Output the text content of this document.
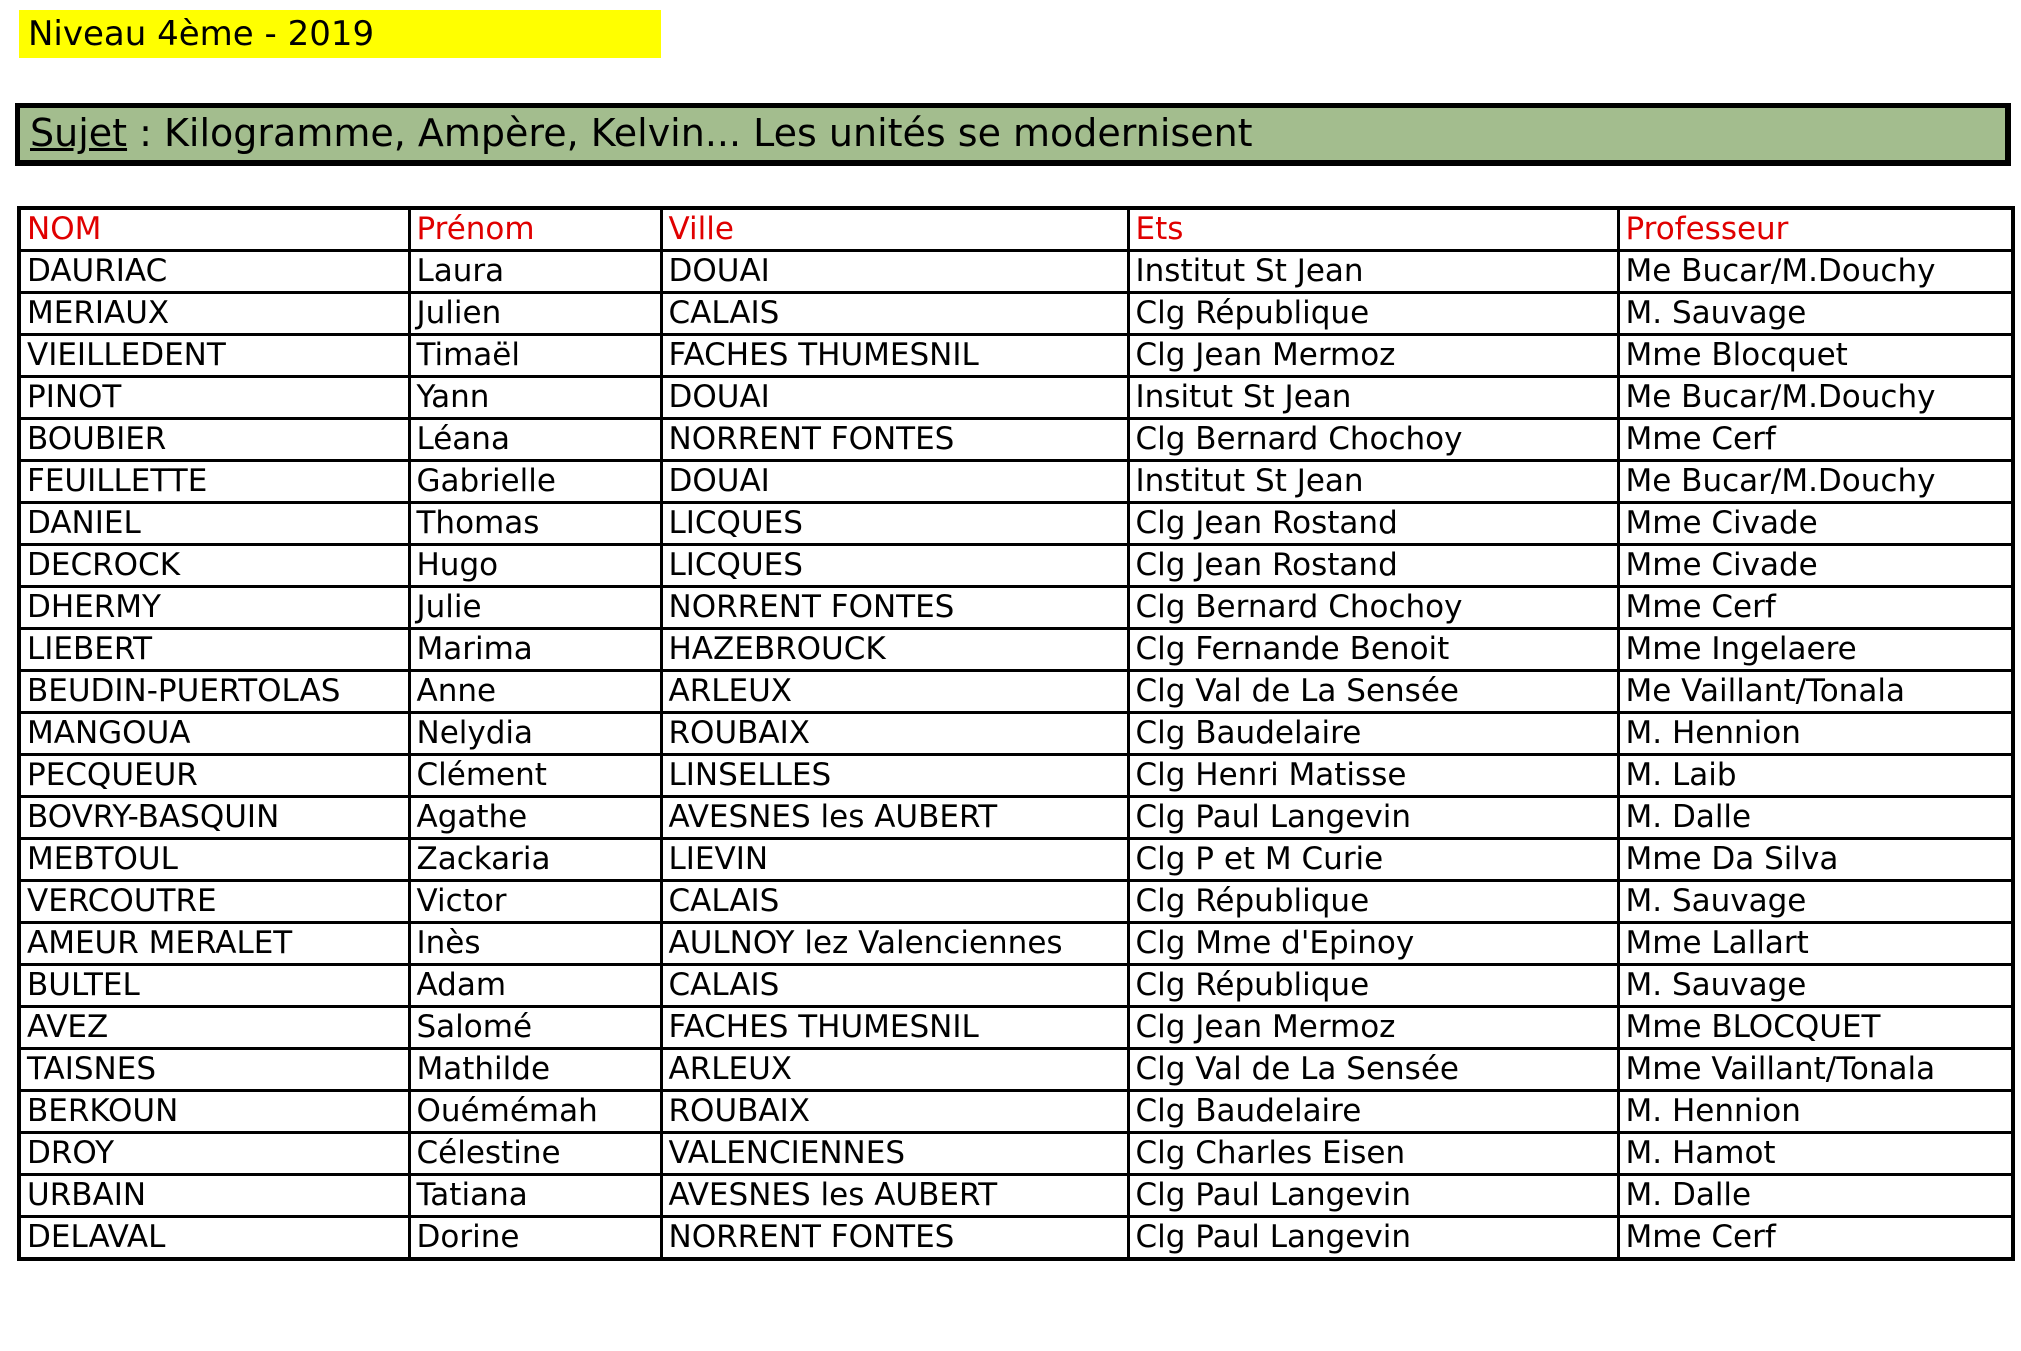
Niveau 4ème - 2019
Sujet : Kilogramme, Ampère, Kelvin... Les unités se modernisent
NOM	Prénom	Ville	Ets	Professeur
DAURIAC	Laura	DOUAI	Institut St Jean	Me Bucar/M.Douchy
MERIAUX	Julien	CALAIS	Clg République	M. Sauvage
VIEILLEDENT	Timaël	FACHES THUMESNIL	Clg Jean Mermoz	Mme Blocquet
PINOT	Yann	DOUAI	Insitut St Jean	Me Bucar/M.Douchy
BOUBIER	Léana	NORRENT FONTES	Clg Bernard Chochoy	Mme Cerf
FEUILLETTE	Gabrielle	DOUAI	Institut St Jean	Me Bucar/M.Douchy
DANIEL	Thomas	LICQUES	Clg Jean Rostand	Mme Civade
DECROCK	Hugo	LICQUES	Clg Jean Rostand	Mme Civade
DHERMY	Julie	NORRENT FONTES	Clg Bernard Chochoy	Mme Cerf
LIEBERT	Marima	HAZEBROUCK	Clg Fernande Benoit	Mme Ingelaere
BEUDIN-PUERTOLAS	Anne	ARLEUX	Clg Val de La Sensée	Me Vaillant/Tonala
MANGOUA	Nelydia	ROUBAIX	Clg Baudelaire	M. Hennion
PECQUEUR	Clément	LINSELLES	Clg Henri Matisse	M. Laib
BOVRY-BASQUIN	Agathe	AVESNES les AUBERT	Clg Paul Langevin	M. Dalle
MEBTOUL	Zackaria	LIEVIN	Clg P et M Curie	Mme Da Silva
VERCOUTRE	Victor	CALAIS	Clg République	M. Sauvage
AMEUR MERALET	Inès	AULNOY lez Valenciennes	Clg Mme d'Epinoy	Mme Lallart
BULTEL	Adam	CALAIS	Clg République	M. Sauvage
AVEZ	Salomé	FACHES THUMESNIL	Clg Jean Mermoz	Mme BLOCQUET
TAISNES	Mathilde	ARLEUX	Clg Val de La Sensée	Mme Vaillant/Tonala
BERKOUN	Ouémémah	ROUBAIX	Clg Baudelaire	M. Hennion
DROY	Célestine	VALENCIENNES	Clg Charles Eisen	M. Hamot
URBAIN	Tatiana	AVESNES les AUBERT	Clg Paul Langevin	M. Dalle
DELAVAL	Dorine	NORRENT FONTES	Clg Paul Langevin	Mme Cerf
